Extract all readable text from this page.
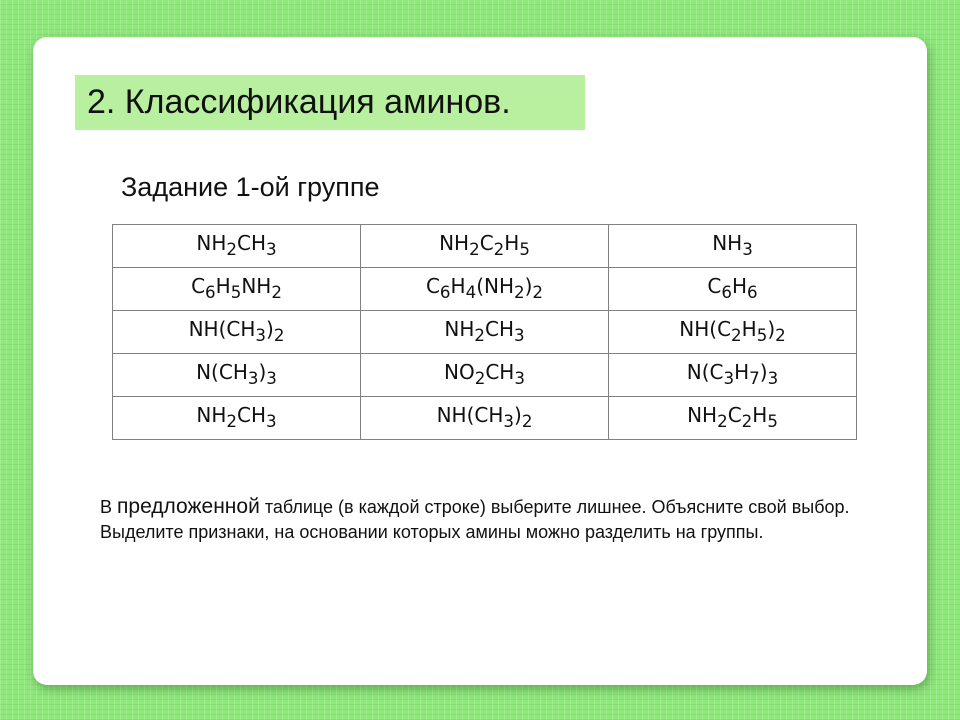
2. Классификация аминов.
Задание 1-ой группе
$NH_2CH_3$	$NH_2C_2H_5$	$NH_3$
$C_6H_5NH_2$	$C_6H_4(NH_2)_2$	$C_6H_6$
$NH(CH_3)_2$	$NH_2CH_3$	$NH(C_2H_5)_2$
$N(CH_3)_3$	$NO_2CH_3$	$N(C_3H_7)_3$
$NH_2CH_3$	$NH(CH_3)_2$	$NH_2C_2H_5$

В предложенной таблице (в каждой строке) выберите лишнее. Объясните свой выбор.

Выделите признаки, на основании которых амины можно разделить на группы.
